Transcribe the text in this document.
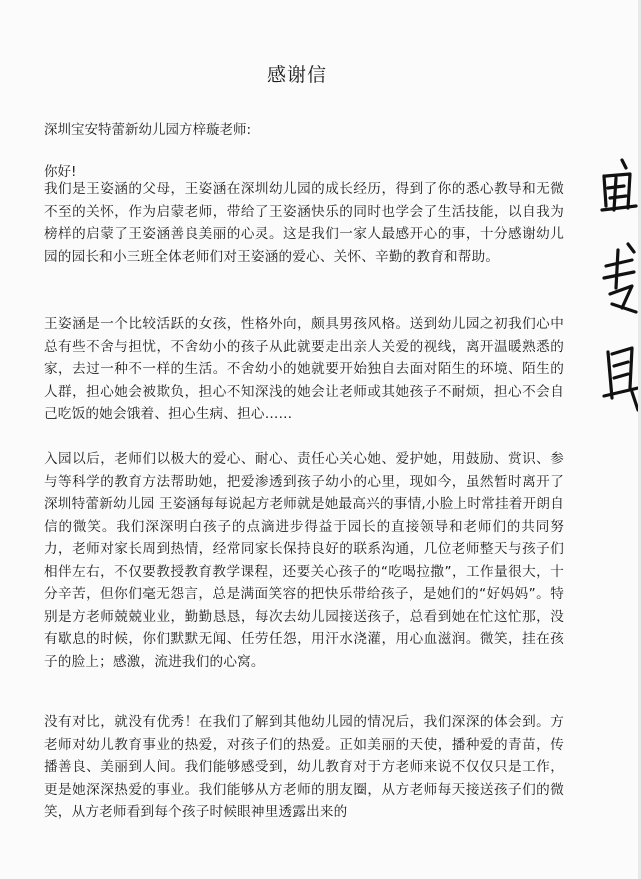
感谢信
深圳宝安特蕾新幼儿园方梓璇老师:
你好!

我们是王姿涵的父母，王姿涵在深圳幼儿园的成长经历，得到了你的悉心教导和无微不至的关怀，作为启蒙老师，带给了王姿涵快乐的同时也学会了生活技能，以自我为榜样的启蒙了王姿涵善良美丽的心灵。这是我们一家人最感开心的事，十分感谢幼儿园的园长和小三班全体老师们对王姿涵的爱心、关怀、辛勤的教育和帮助。

王姿涵是一个比较活跃的女孩，性格外向，颇具男孩风格。送到幼儿园之初我们心中总有些不舍与担忧，不舍幼小的孩子从此就要走出亲人关爱的视线，离开温暖熟悉的家，去过一种不一样的生活。不舍幼小的她就要开始独自去面对陌生的环境、陌生的人群，担心她会被欺负，担心不知深浅的她会让老师或其她孩子不耐烦，担心不会自己吃饭的她会饿着、担心生病、担心……

入园以后，老师们以极大的爱心、耐心、责任心关心她、爱护她，用鼓励、赏识、参与等科学的教育方法帮助她，把爱渗透到孩子幼小的心里，现如今，虽然暂时离开了深圳特蕾新幼儿园 王姿涵每每说起方老师就是她最高兴的事情,小脸上时常挂着开朗自信的微笑。我们深深明白孩子的点滴进步得益于园长的直接领导和老师们的共同努力，老师对家长周到热情，经常同家长保持良好的联系沟通，几位老师整天与孩子们相伴左右，不仅要教授教育教学课程，还要关心孩子的“吃喝拉撒”，工作量很大，十分辛苦，但你们毫无怨言，总是满面笑容的把快乐带给孩子，是她们的“好妈妈”。特别是方老师兢兢业业，勤勤恳恳，每次去幼儿园接送孩子，总看到她在忙这忙那，没有歇息的时候，你们默默无闻、任劳任怨，用汗水浇灌，用心血滋润。微笑，挂在孩子的脸上；感激，流进我们的心窝。

没有对比，就没有优秀！在我们了解到其他幼儿园的情况后，我们深深的体会到。方老师对幼儿教育事业的热爱，对孩子们的热爱。正如美丽的天使，播种爱的青苗，传播善良、美丽到人间。我们能够感受到，幼儿教育对于方老师来说不仅仅只是工作，更是她深深热爱的事业。我们能够从方老师的朋友圈，从方老师每天接送孩子们的微笑，从方老师看到每个孩子时候眼神里透露出来的
